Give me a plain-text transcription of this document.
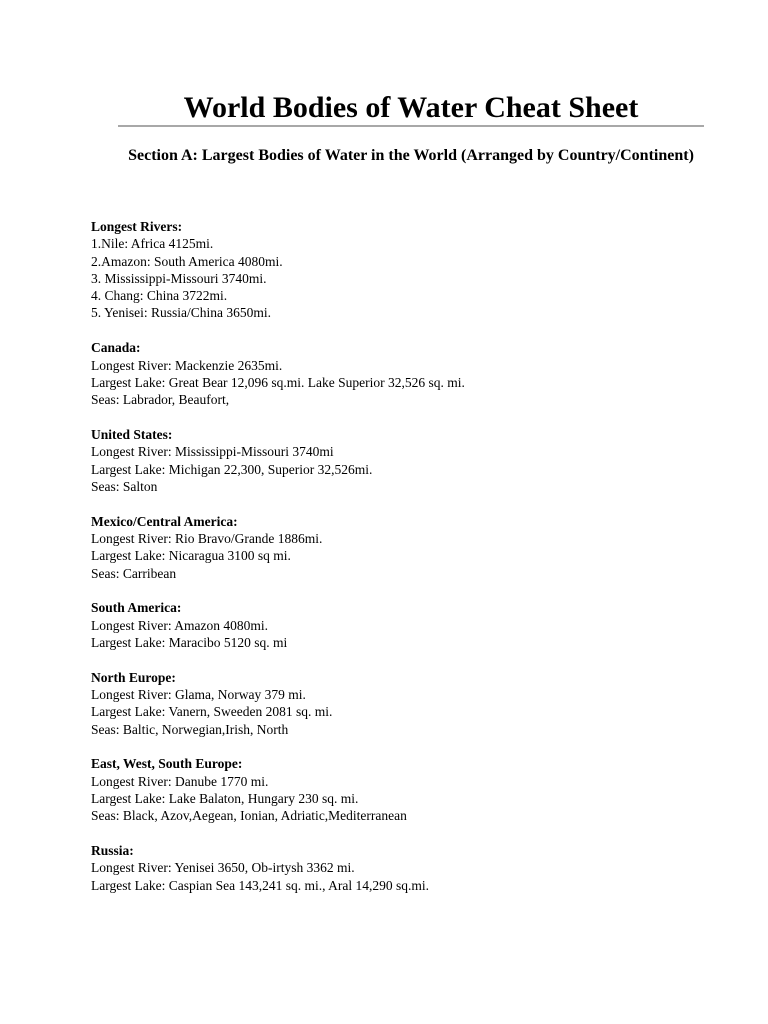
World Bodies of Water Cheat Sheet
Section A: Largest Bodies of Water in the World (Arranged by Country/Continent)
Longest Rivers:
1.Nile: Africa 4125mi.
2.Amazon: South America 4080mi.
3. Mississippi-Missouri 3740mi.
4. Chang: China 3722mi.
5. Yenisei: Russia/China 3650mi.
Canada:
Longest River: Mackenzie 2635mi.
Largest Lake: Great Bear 12,096 sq.mi. Lake Superior 32,526 sq. mi.
Seas: Labrador, Beaufort,
United States:
Longest River: Mississippi-Missouri 3740mi
Largest Lake: Michigan 22,300, Superior 32,526mi.
Seas: Salton
Mexico/Central America:
Longest River: Rio Bravo/Grande 1886mi.
Largest Lake: Nicaragua 3100 sq mi.
Seas: Carribean
South America:
Longest River: Amazon 4080mi.
Largest Lake: Maracibo 5120 sq. mi
North Europe:
Longest River: Glama, Norway 379 mi.
Largest Lake: Vanern, Sweeden 2081 sq. mi.
Seas: Baltic, Norwegian,Irish, North
East, West, South Europe:
Longest River: Danube 1770 mi.
Largest Lake: Lake Balaton, Hungary 230 sq. mi.
Seas: Black, Azov,Aegean, Ionian, Adriatic,Mediterranean
Russia:
Longest River: Yenisei 3650, Ob-irtysh 3362 mi.
Largest Lake: Caspian Sea 143,241 sq. mi., Aral 14,290 sq.mi.
